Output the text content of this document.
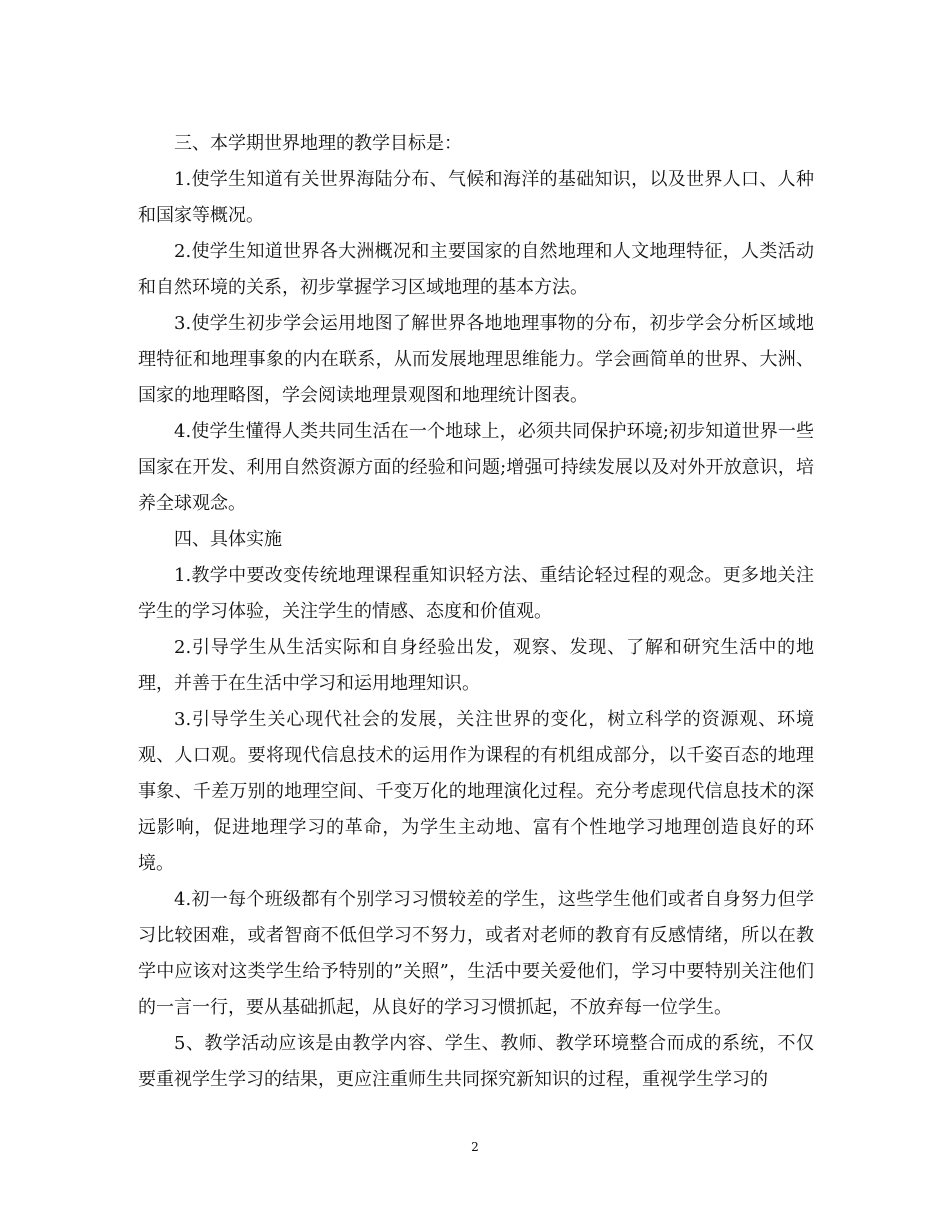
三、本学期世界地理的教学目标是：

1.使学生知道有关世界海陆分布、气候和海洋的基础知识，以及世界人口、人种和国家等概况。

2.使学生知道世界各大洲概况和主要国家的自然地理和人文地理特征，人类活动和自然环境的关系，初步掌握学习区域地理的基本方法。

3.使学生初步学会运用地图了解世界各地地理事物的分布，初步学会分析区域地理特征和地理事象的内在联系，从而发展地理思维能力。学会画简单的世界、大洲、国家的地理略图，学会阅读地理景观图和地理统计图表。

4.使学生懂得人类共同生活在一个地球上，必须共同保护环境;初步知道世界一些国家在开发、利用自然资源方面的经验和问题;增强可持续发展以及对外开放意识，培养全球观念。

四、具体实施

1.教学中要改变传统地理课程重知识轻方法、重结论轻过程的观念。更多地关注学生的学习体验，关注学生的情感、态度和价值观。

2.引导学生从生活实际和自身经验出发，观察、发现、了解和研究生活中的地理，并善于在生活中学习和运用地理知识。

3.引导学生关心现代社会的发展，关注世界的变化，树立科学的资源观、环境观、人口观。要将现代信息技术的运用作为课程的有机组成部分，以千姿百态的地理事象、千差万别的地理空间、千变万化的地理演化过程。充分考虑现代信息技术的深远影响，促进地理学习的革命，为学生主动地、富有个性地学习地理创造良好的环境。

4.初一每个班级都有个别学习习惯较差的学生，这些学生他们或者自身努力但学习比较困难，或者智商不低但学习不努力，或者对老师的教育有反感情绪，所以在教学中应该对这类学生给予特别的”关照”，生活中要关爱他们，学习中要特别关注他们的一言一行，要从基础抓起，从良好的学习习惯抓起，不放弃每一位学生。

5、教学活动应该是由教学内容、学生、教师、教学环境整合而成的系统，不仅要重视学生学习的结果，更应注重师生共同探究新知识的过程，重视学生学习的

2
